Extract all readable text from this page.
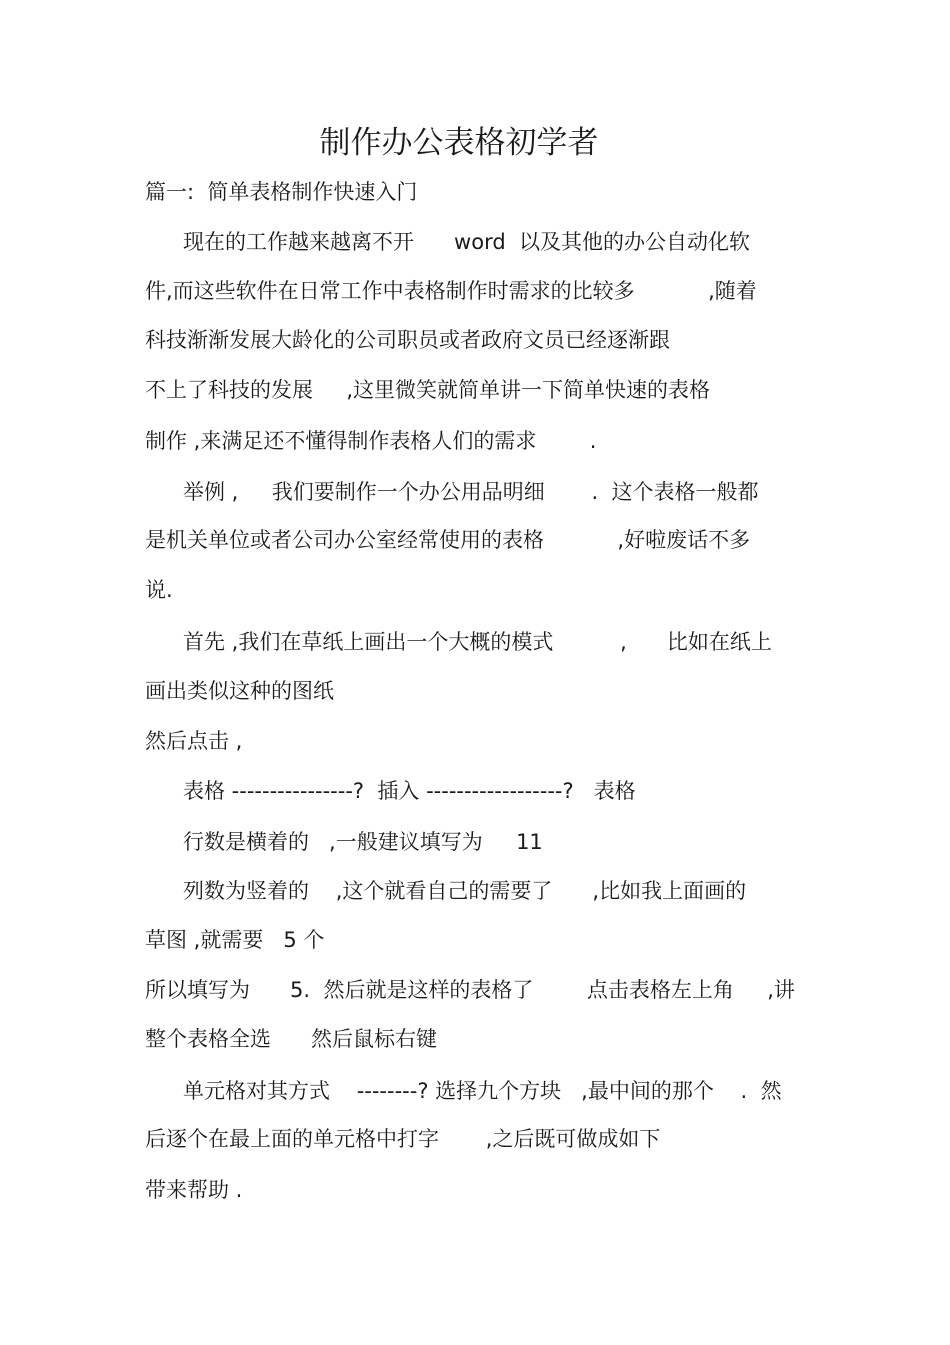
制作办公表格初学者
篇一:  简单表格制作快速入门
现在的工作越来越离不开      word  以及其他的办公自动化软
件,而这些软件在日常工作中表格制作时需求的比较多           ,随着
科技渐渐发展大龄化的公司职员或者政府文员已经逐渐跟
不上了科技的发展     ,这里微笑就简单讲一下简单快速的表格
制作 ,来满足还不懂得制作表格人们的需求        .
举例 ,     我们要制作一个办公用品明细       .  这个表格一般都
是机关单位或者公司办公室经常使用的表格           ,好啦废话不多
说.
首先 ,我们在草纸上画出一个大概的模式          ,      比如在纸上
画出类似这种的图纸
然后点击 ,
表格 ----------------?  插入 ------------------?   表格
行数是横着的   ,一般建议填写为     11
列数为竖着的    ,这个就看自己的需要了      ,比如我上面画的
草图 ,就需要   5 个
所以填写为      5.  然后就是这样的表格了        点击表格左上角     ,讲
整个表格全选      然后鼠标右键
单元格对其方式    --------? 选择九个方块   ,最中间的那个    .  然
后逐个在最上面的单元格中打字       ,之后既可做成如下
带来帮助 .
